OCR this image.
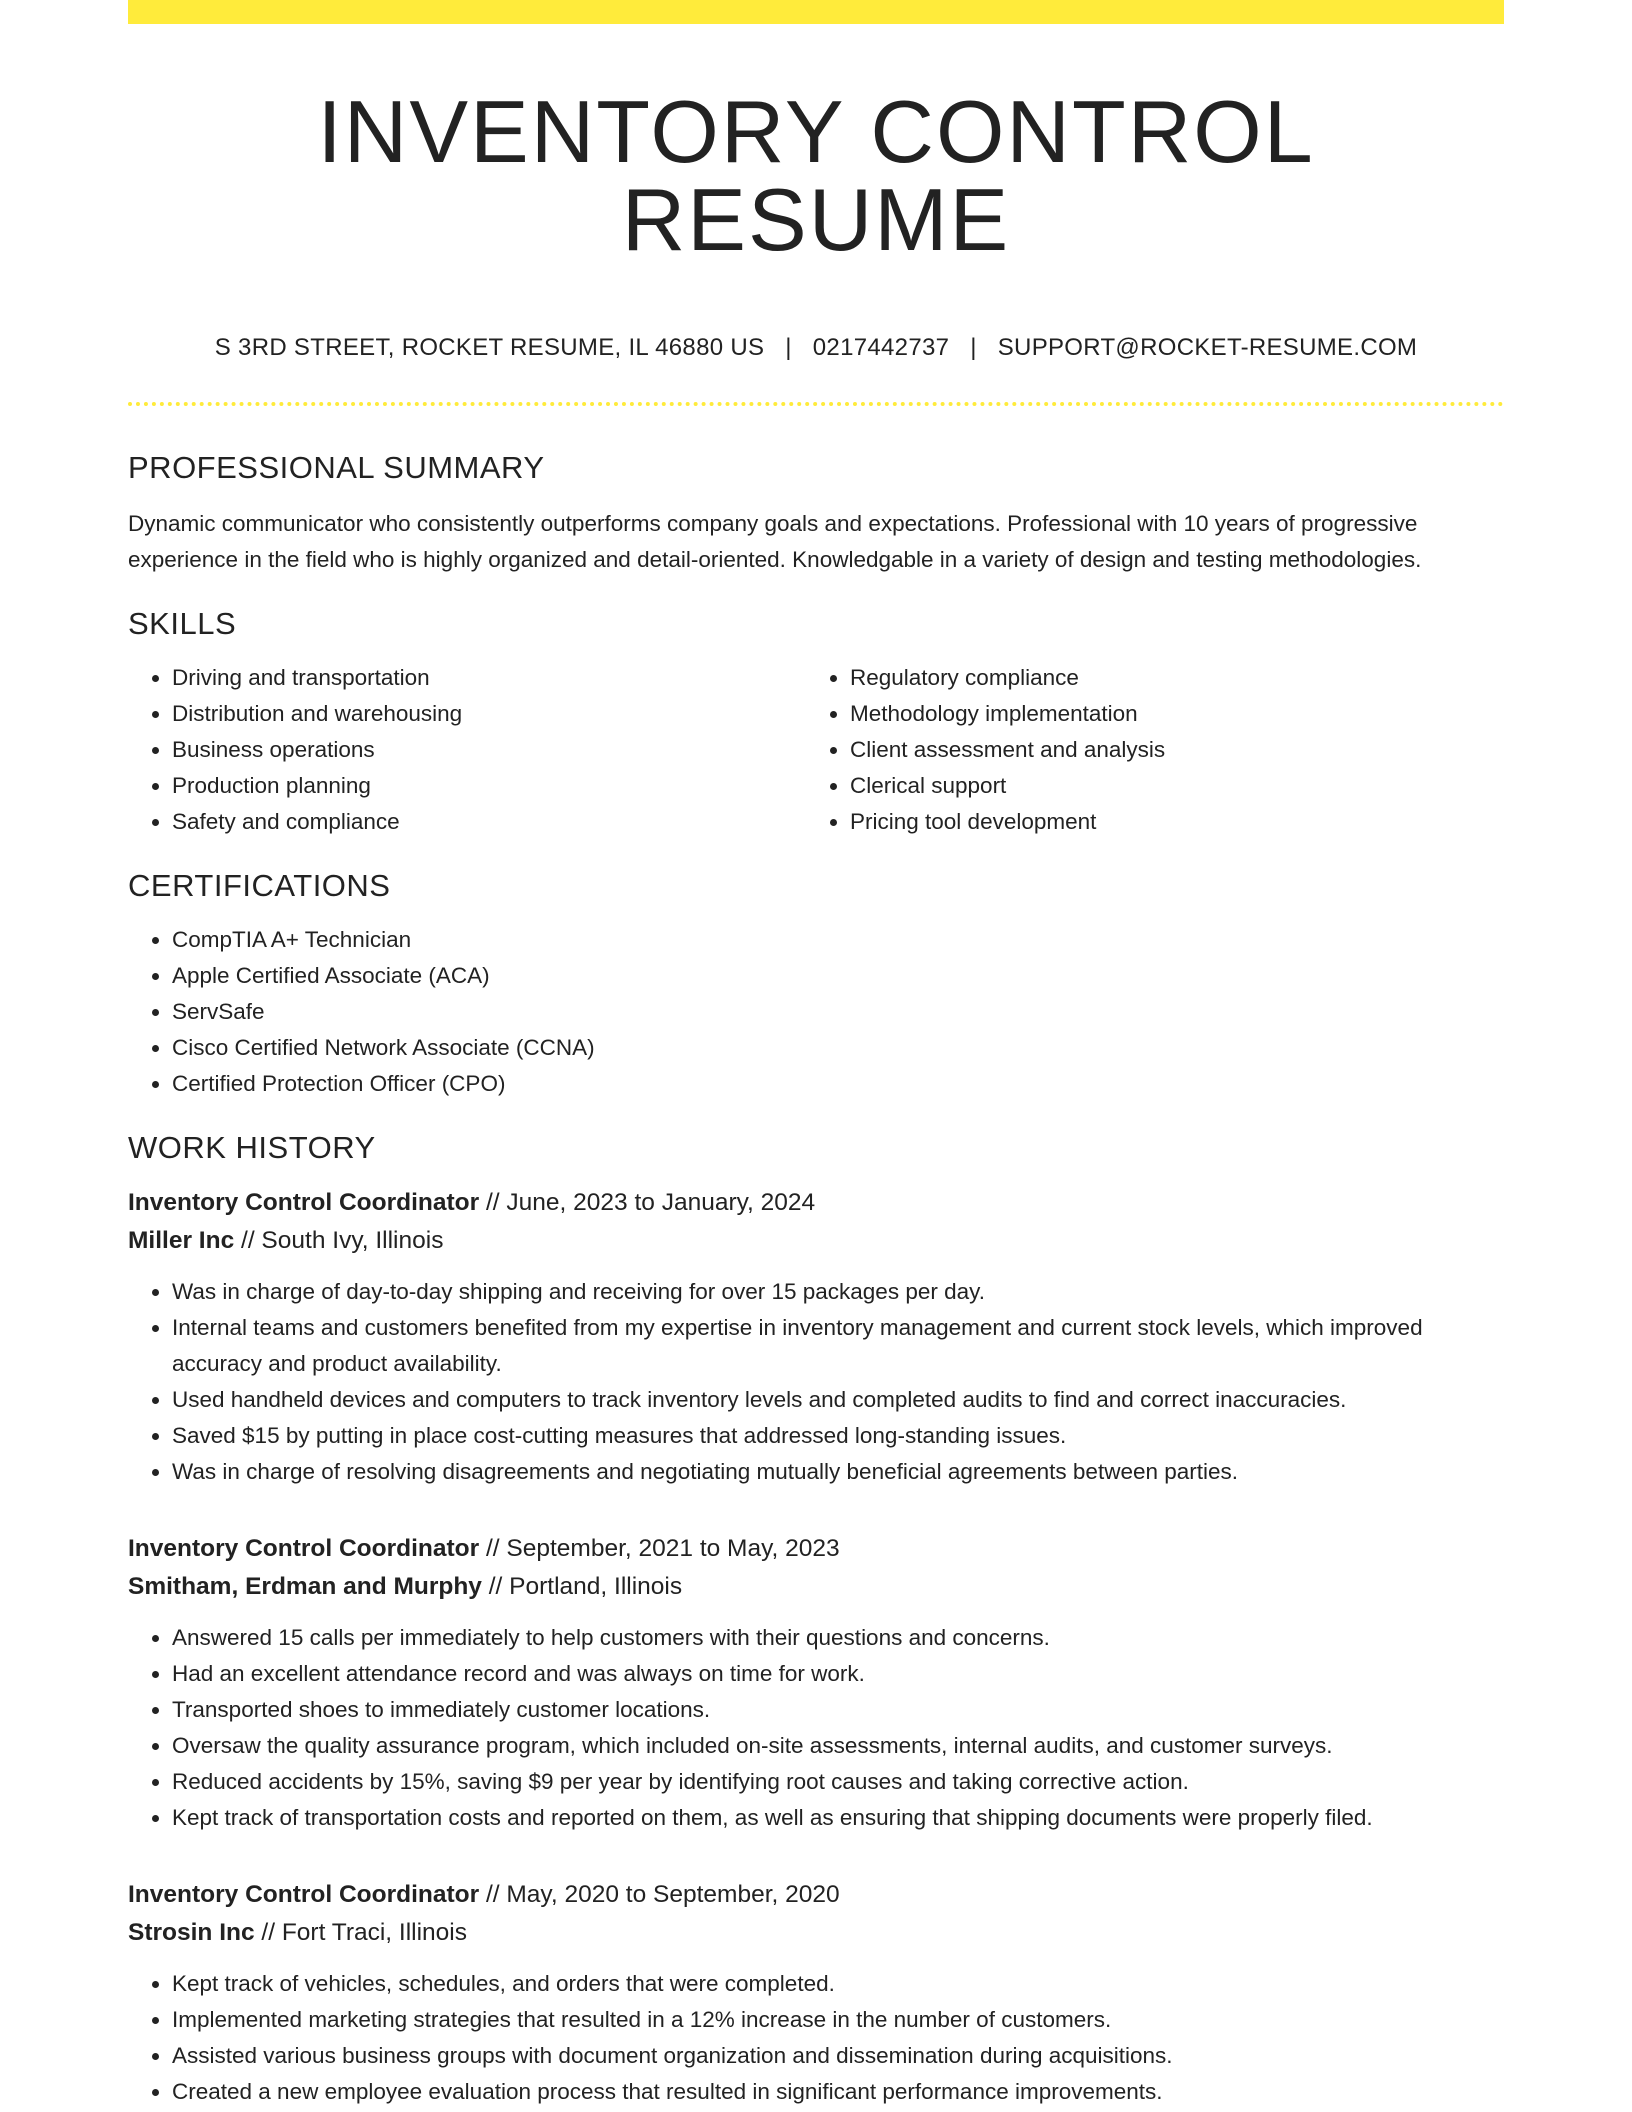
INVENTORY CONTROL RESUME
S 3RD STREET, ROCKET RESUME, IL 46880 US | 0217442737 | SUPPORT@ROCKET-RESUME.COM
PROFESSIONAL SUMMARY

Dynamic communicator who consistently outperforms company goals and expectations. Professional with 10 years of progressive experience in the field who is highly organized and detail-oriented. Knowledgable in a variety of design and testing methodologies.

SKILLS
• Driving and transportation
• Distribution and warehousing
• Business operations
• Production planning
• Safety and compliance
• Regulatory compliance
• Methodology implementation
• Client assessment and analysis
• Clerical support
• Pricing tool development
CERTIFICATIONS
• CompTIA A+ Technician
• Apple Certified Associate (ACA)
• ServSafe
• Cisco Certified Network Associate (CCNA)
• Certified Protection Officer (CPO)
WORK HISTORY
Inventory Control Coordinator // June, 2023 to January, 2024
Miller Inc // South Ivy, Illinois
• Was in charge of day-to-day shipping and receiving for over 15 packages per day.
• Internal teams and customers benefited from my expertise in inventory management and current stock levels, which improved accuracy and product availability.
• Used handheld devices and computers to track inventory levels and completed audits to find and correct inaccuracies.
• Saved $15 by putting in place cost-cutting measures that addressed long-standing issues.
• Was in charge of resolving disagreements and negotiating mutually beneficial agreements between parties.
Inventory Control Coordinator // September, 2021 to May, 2023
Smitham, Erdman and Murphy // Portland, Illinois
• Answered 15 calls per immediately to help customers with their questions and concerns.
• Had an excellent attendance record and was always on time for work.
• Transported shoes to immediately customer locations.
• Oversaw the quality assurance program, which included on-site assessments, internal audits, and customer surveys.
• Reduced accidents by 15%, saving $9 per year by identifying root causes and taking corrective action.
• Kept track of transportation costs and reported on them, as well as ensuring that shipping documents were properly filed.
Inventory Control Coordinator // May, 2020 to September, 2020
Strosin Inc // Fort Traci, Illinois
• Kept track of vehicles, schedules, and orders that were completed.
• Implemented marketing strategies that resulted in a 12% increase in the number of customers.
• Assisted various business groups with document organization and dissemination during acquisitions.
• Created a new employee evaluation process that resulted in significant performance improvements.
